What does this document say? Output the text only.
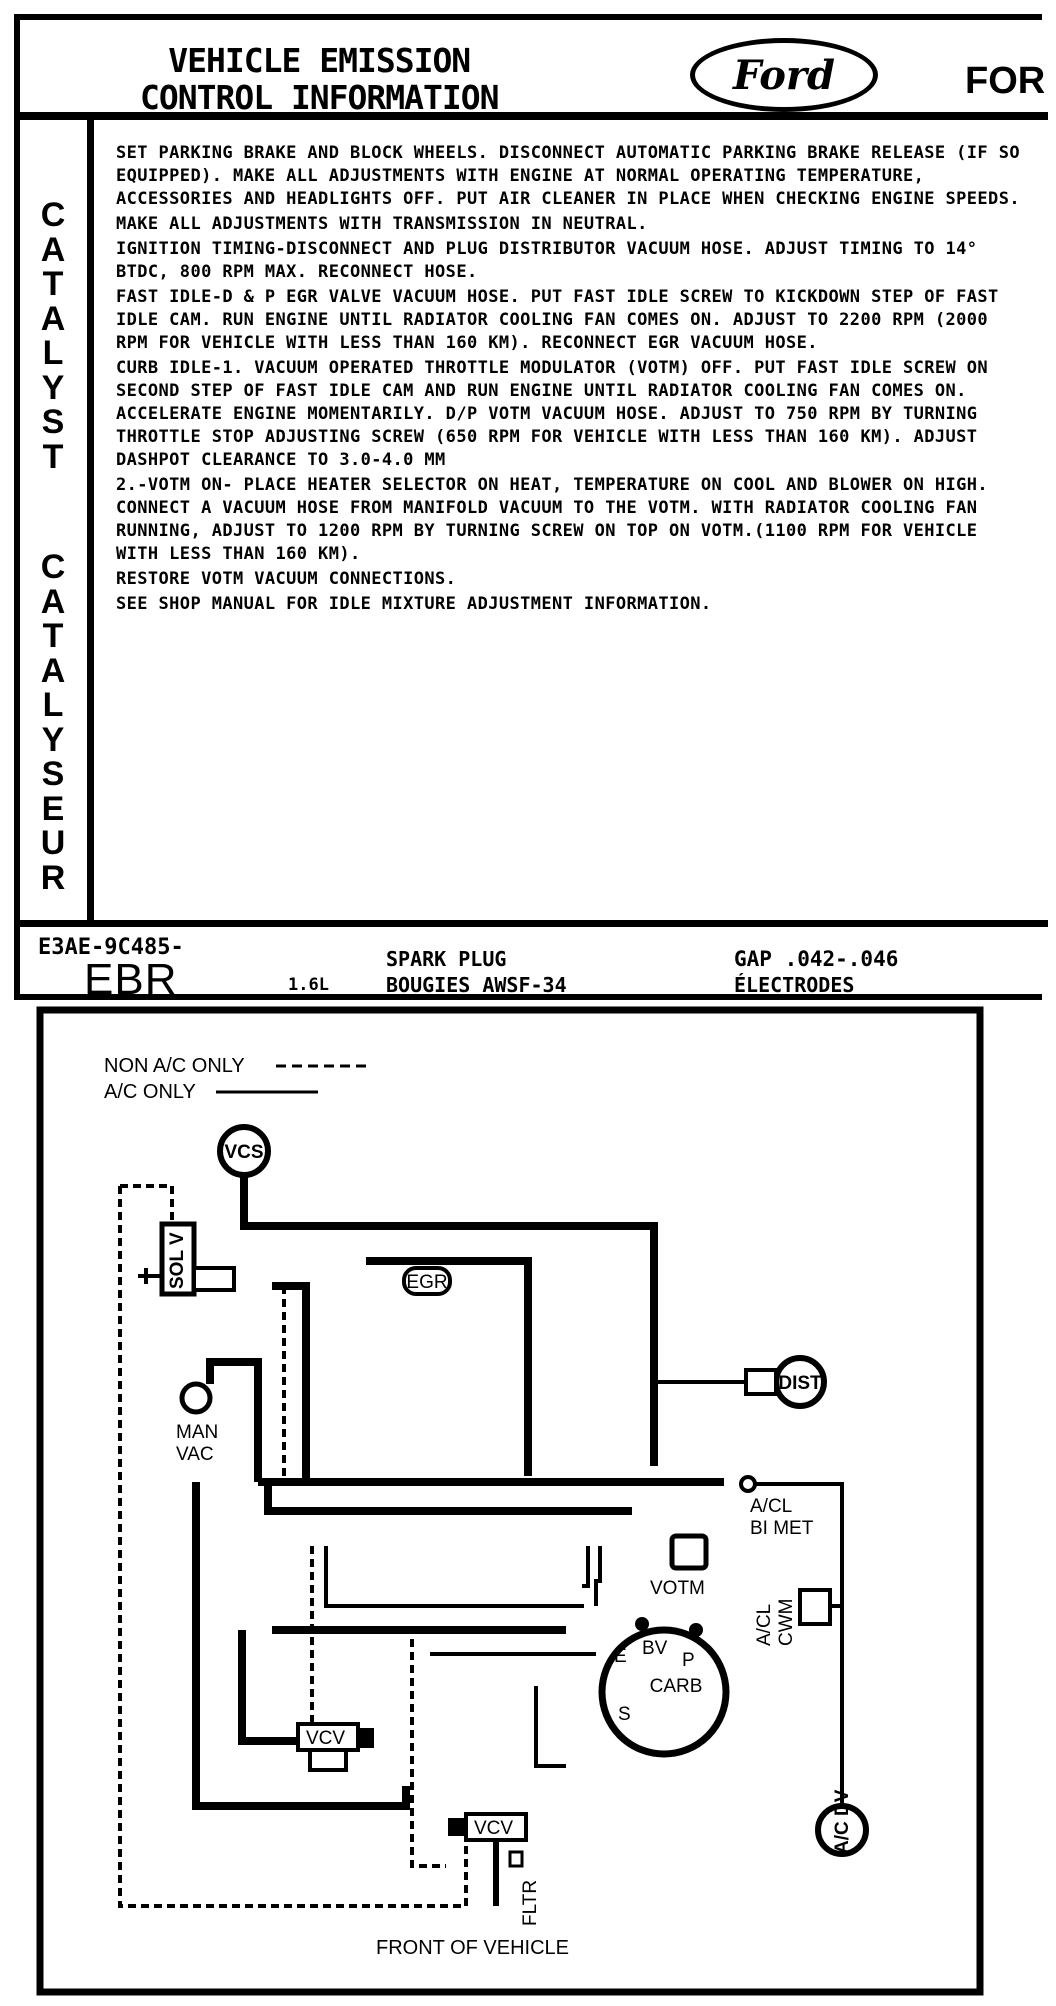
VEHICLE EMISSION
CONTROL INFORMATION	Ford	FOR
CATALYST
CATALYSEUR

SET PARKING BRAKE AND BLOCK WHEELS. DISCONNECT AUTOMATIC PARKING BRAKE RELEASE (IF SO EQUIPPED). MAKE ALL ADJUSTMENTS WITH ENGINE AT NORMAL OPERATING TEMPERATURE, ACCESSORIES AND HEADLIGHTS OFF. PUT AIR CLEANER IN PLACE WHEN CHECKING ENGINE SPEEDS.

MAKE ALL ADJUSTMENTS WITH TRANSMISSION IN NEUTRAL.

IGNITION TIMING-DISCONNECT AND PLUG DISTRIBUTOR VACUUM HOSE. ADJUST TIMING TO 14° BTDC, 800 RPM MAX. RECONNECT HOSE.

FAST IDLE-D & P EGR VALVE VACUUM HOSE. PUT FAST IDLE SCREW TO KICKDOWN STEP OF FAST IDLE CAM. RUN ENGINE UNTIL RADIATOR COOLING FAN COMES ON. ADJUST TO 2200 RPM (2000 RPM FOR VEHICLE WITH LESS THAN 160 KM). RECONNECT EGR VACUUM HOSE.

CURB IDLE-1. VACUUM OPERATED THROTTLE MODULATOR (VOTM) OFF. PUT FAST IDLE SCREW ON SECOND STEP OF FAST IDLE CAM AND RUN ENGINE UNTIL RADIATOR COOLING FAN COMES ON. ACCELERATE ENGINE MOMENTARILY. D/P VOTM VACUUM HOSE. ADJUST TO 750 RPM BY TURNING THROTTLE STOP ADJUSTING SCREW (650 RPM FOR VEHICLE WITH LESS THAN 160 KM). ADJUST DASHPOT CLEARANCE TO 3.0-4.0 MM

2.-VOTM ON- PLACE HEATER SELECTOR ON HEAT, TEMPERATURE ON COOL AND BLOWER ON HIGH. CONNECT A VACUUM HOSE FROM MANIFOLD VACUUM TO THE VOTM. WITH RADIATOR COOLING FAN RUNNING, ADJUST TO 1200 RPM BY TURNING SCREW ON TOP ON VOTM.(1100 RPM FOR VEHICLE WITH LESS THAN 160 KM).

RESTORE VOTM VACUUM CONNECTIONS.

SEE SHOP MANUAL FOR IDLE MIXTURE ADJUSTMENT INFORMATION.

E3AE-9C485-
EBR	1.6L
SPARK PLUG
BOUGIES AWSF-34
GAP .042-.046
ÉLECTRODES
NON A/C ONLY
A/C ONLY
VCS
SOL V	EGR
DIST
MAN
VAC
A/CL
BI MET
VOTM
A/CL CWM
CARB
E BV
P
S
VCV
VCV
FLTR
A/C DV
FRONT OF VEHICLE
